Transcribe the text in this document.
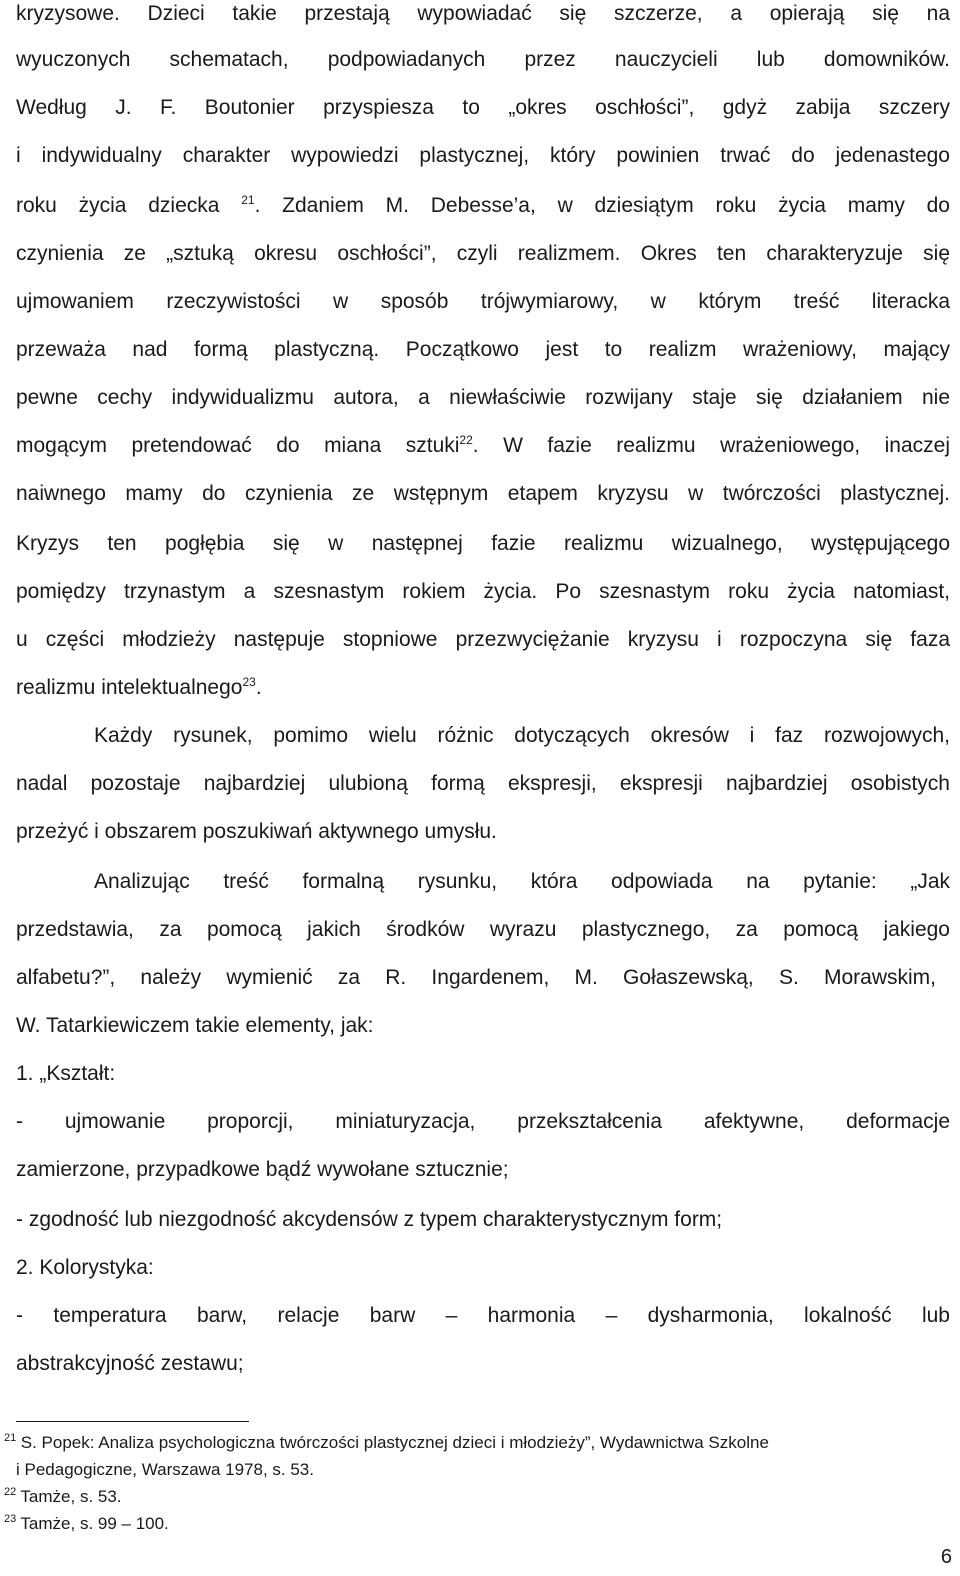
kryzysowe. Dzieci takie przestają wypowiadać się szczerze, a opierają się na
wyuczonych schematach, podpowiadanych przez nauczycieli lub domowników.
Według J. F. Boutonier przyspiesza to „okres oschłości”, gdyż zabija szczery
i indywidualny charakter wypowiedzi plastycznej, który powinien trwać do jedenastego
roku życia dziecka $^{21}$. Zdaniem M. Debesse’a, w dziesiątym roku życia mamy do
czynienia ze „sztuką okresu oschłości”, czyli realizmem. Okres ten charakteryzuje się
ujmowaniem rzeczywistości w sposób trójwymiarowy, w którym treść literacka
przeważa nad formą plastyczną. Początkowo jest to realizm wrażeniowy, mający
pewne cechy indywidualizmu autora, a niewłaściwie rozwijany staje się działaniem nie
mogącym pretendować do miana sztuki$^{22}$. W fazie realizmu wrażeniowego, inaczej
naiwnego mamy do czynienia ze wstępnym etapem kryzysu w twórczości plastycznej.
Kryzys ten pogłębia się w następnej fazie realizmu wizualnego, występującego
pomiędzy trzynastym a szesnastym rokiem życia. Po szesnastym roku życia natomiast,
u części młodzieży następuje stopniowe przezwyciężanie kryzysu i rozpoczyna się faza
realizmu intelektualnego$^{23}$.
Każdy rysunek, pomimo wielu różnic dotyczących okresów i faz rozwojowych,
nadal pozostaje najbardziej ulubioną formą ekspresji, ekspresji najbardziej osobistych
przeżyć i obszarem poszukiwań aktywnego umysłu.
Analizując treść formalną rysunku, która odpowiada na pytanie: „Jak
przedstawia, za pomocą jakich środków wyrazu plastycznego, za pomocą jakiego
alfabetu?”, należy wymienić za R. Ingardenem, M. Gołaszewską, S. Morawskim,
W. Tatarkiewiczem takie elementy, jak:
1. „Kształt:
- ujmowanie proporcji, miniaturyzacja, przekształcenia afektywne, deformacje
zamierzone, przypadkowe bądź wywołane sztucznie;
- zgodność lub niezgodność akcydensów z typem charakterystycznym form;
2. Kolorystyka:
- temperatura barw, relacje barw – harmonia – dysharmonia, lokalność lub
abstrakcyjność zestawu;
21 S. Popek: Analiza psychologiczna twórczości plastycznej dzieci i młodzieży”, Wydawnictwa Szkolne
i Pedagogiczne, Warszawa 1978, s. 53.
22 Tamże, s. 53.
23 Tamże, s. 99 – 100.
6
